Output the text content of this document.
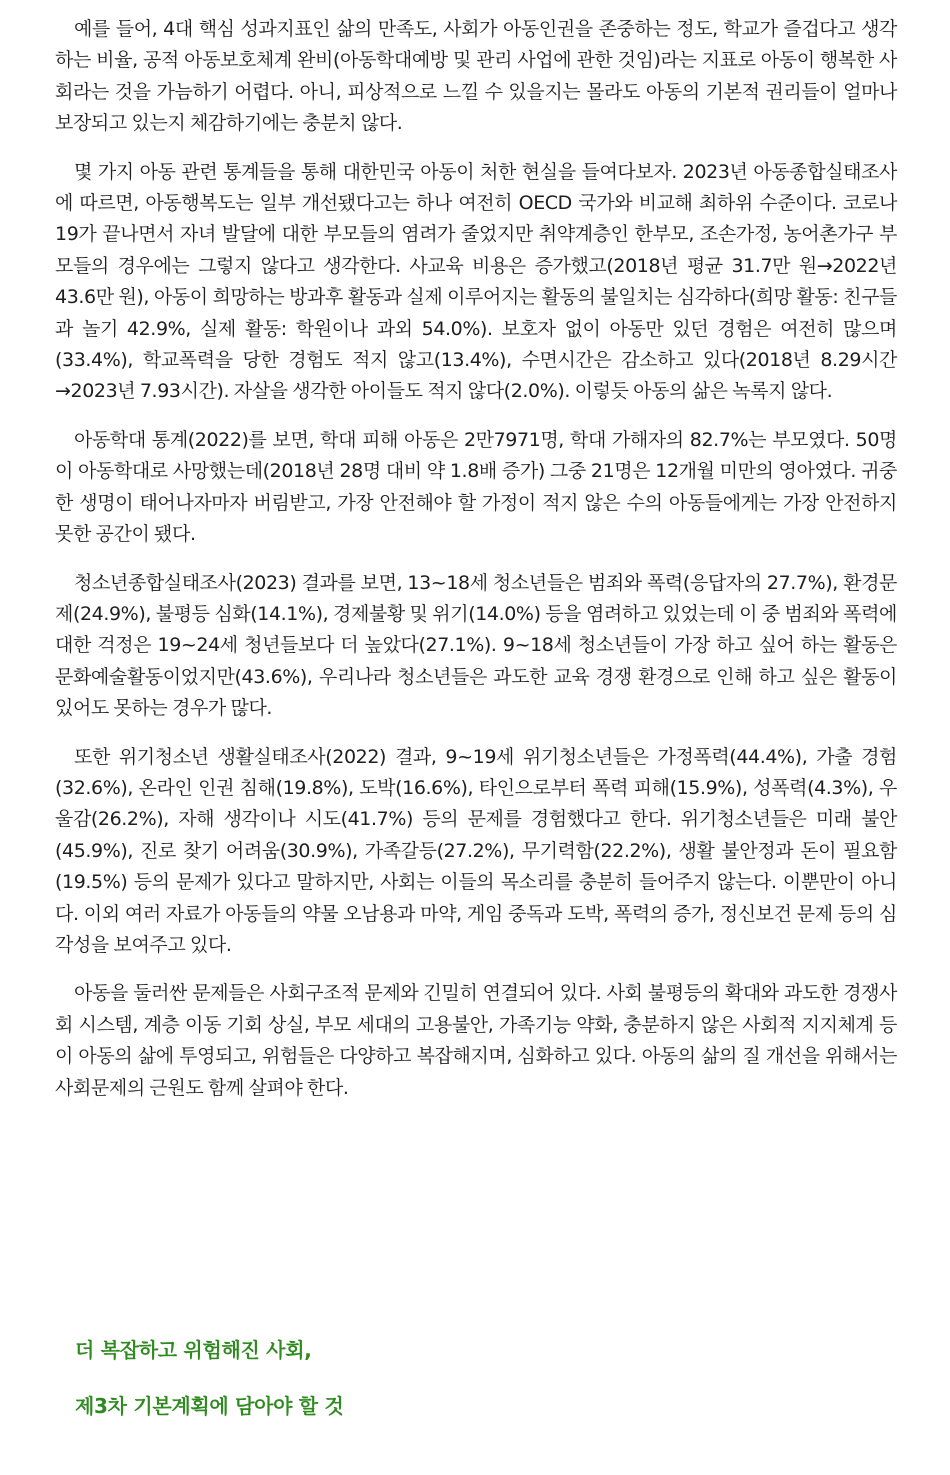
예를 들어, 4대 핵심 성과지표인 삶의 만족도, 사회가 아동인권을 존중하는 정도, 학교가 즐겁다고 생각하는 비율, 공적 아동보호체계 완비(아동학대예방 및 관리 사업에 관한 것임)라는 지표로 아동이 행복한 사회라는 것을 가늠하기 어렵다. 아니, 피상적으로 느낄 수 있을지는 몰라도 아동의 기본적 권리들이 얼마나 보장되고 있는지 체감하기에는 충분치 않다.

몇 가지 아동 관련 통계들을 통해 대한민국 아동이 처한 현실을 들여다보자. 2023년 아동종합실태조사에 따르면, 아동행복도는 일부 개선됐다고는 하나 여전히 OECD 국가와 비교해 최하위 수준이다. 코로나19가 끝나면서 자녀 발달에 대한 부모들의 염려가 줄었지만 취약계층인 한부모, 조손가정, 농어촌가구 부모들의 경우에는 그렇지 않다고 생각한다. 사교육 비용은 증가했고(2018년 평균 31.7만 원→2022년 43.6만 원), 아동이 희망하는 방과후 활동과 실제 이루어지는 활동의 불일치는 심각하다(희망 활동: 친구들과 놀기 42.9%, 실제 활동: 학원이나 과외 54.0%). 보호자 없이 아동만 있던 경험은 여전히 많으며(33.4%), 학교폭력을 당한 경험도 적지 않고(13.4%), 수면시간은 감소하고 있다(2018년 8.29시간→2023년 7.93시간). 자살을 생각한 아이들도 적지 않다(2.0%). 이렇듯 아동의 삶은 녹록지 않다.

아동학대 통계(2022)를 보면, 학대 피해 아동은 2만7971명, 학대 가해자의 82.7%는 부모였다. 50명이 아동학대로 사망했는데(2018년 28명 대비 약 1.8배 증가) 그중 21명은 12개월 미만의 영아였다. 귀중한 생명이 태어나자마자 버림받고, 가장 안전해야 할 가정이 적지 않은 수의 아동들에게는 가장 안전하지 못한 공간이 됐다.

청소년종합실태조사(2023) 결과를 보면, 13~18세 청소년들은 범죄와 폭력(응답자의 27.7%), 환경문제(24.9%), 불평등 심화(14.1%), 경제불황 및 위기(14.0%) 등을 염려하고 있었는데 이 중 범죄와 폭력에 대한 걱정은 19~24세 청년들보다 더 높았다(27.1%). 9~18세 청소년들이 가장 하고 싶어 하는 활동은 문화예술활동이었지만(43.6%), 우리나라 청소년들은 과도한 교육 경쟁 환경으로 인해 하고 싶은 활동이 있어도 못하는 경우가 많다.

또한 위기청소년 생활실태조사(2022) 결과, 9~19세 위기청소년들은 가정폭력(44.4%), 가출 경험(32.6%), 온라인 인권 침해(19.8%), 도박(16.6%), 타인으로부터 폭력 피해(15.9%), 성폭력(4.3%), 우울감(26.2%), 자해 생각이나 시도(41.7%) 등의 문제를 경험했다고 한다. 위기청소년들은 미래 불안(45.9%), 진로 찾기 어려움(30.9%), 가족갈등(27.2%), 무기력함(22.2%), 생활 불안정과 돈이 필요함(19.5%) 등의 문제가 있다고 말하지만, 사회는 이들의 목소리를 충분히 들어주지 않는다. 이뿐만이 아니다. 이외 여러 자료가 아동들의 약물 오남용과 마약, 게임 중독과 도박, 폭력의 증가, 정신보건 문제 등의 심각성을 보여주고 있다.

아동을 둘러싼 문제들은 사회구조적 문제와 긴밀히 연결되어 있다. 사회 불평등의 확대와 과도한 경쟁사회 시스템, 계층 이동 기회 상실, 부모 세대의 고용불안, 가족기능 약화, 충분하지 않은 사회적 지지체계 등이 아동의 삶에 투영되고, 위험들은 다양하고 복잡해지며, 심화하고 있다. 아동의 삶의 질 개선을 위해서는 사회문제의 근원도 함께 살펴야 한다.

더 복잡하고 위험해진 사회,
제3차 기본계획에 담아야 할 것
